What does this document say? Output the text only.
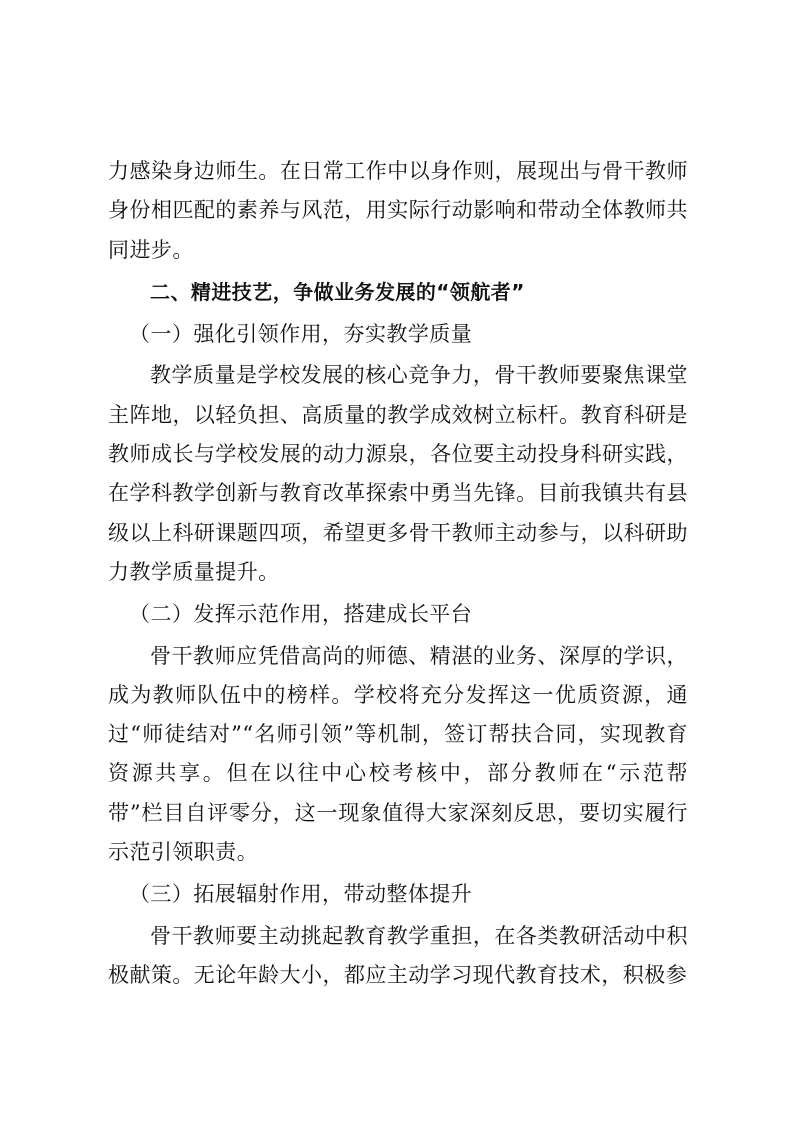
力感染身边师生。在日常工作中以身作则，展现出与骨干教师身份相匹配的素养与风范，用实际行动影响和带动全体教师共同进步。

二、精进技艺，争做业务发展的“领航者”

（一）强化引领作用，夯实教学质量

教学质量是学校发展的核心竞争力，骨干教师要聚焦课堂主阵地，以轻负担、高质量的教学成效树立标杆。教育科研是教师成长与学校发展的动力源泉，各位要主动投身科研实践，在学科教学创新与教育改革探索中勇当先锋。目前我镇共有县级以上科研课题四项，希望更多骨干教师主动参与，以科研助力教学质量提升。

（二）发挥示范作用，搭建成长平台

骨干教师应凭借高尚的师德、精湛的业务、深厚的学识，成为教师队伍中的榜样。学校将充分发挥这一优质资源，通过“师徒结对”“名师引领”等机制，签订帮扶合同，实现教育资源共享。但在以往中心校考核中，部分教师在“示范帮带”栏目自评零分，这一现象值得大家深刻反思，要切实履行示范引领职责。

（三）拓展辐射作用，带动整体提升

骨干教师要主动挑起教育教学重担，在各类教研活动中积极献策。无论年龄大小，都应主动学习现代教育技术，积极参
